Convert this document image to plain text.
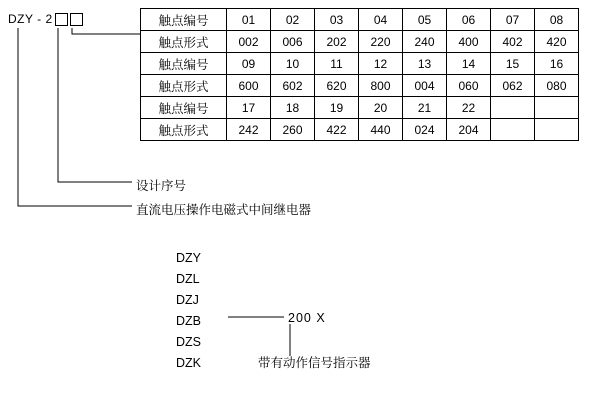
DZY - 2	触点编号	01	02	03	04	05	06	07	08
触点形式	002	006	202	220	240	400	402	420
触点编号	09	10	11	12	13	14	15	16
触点形式	600	602	620	800	004	060	062	080
触点编号	17	18	19	20	21	22		
触点形式	242	260	422	440	024	204		
设计序号
直流电压操作电磁式中间继电器
DZY
DZL
DZJ
DZB
DZS
DZK
200 X
带有动作信号指示器
